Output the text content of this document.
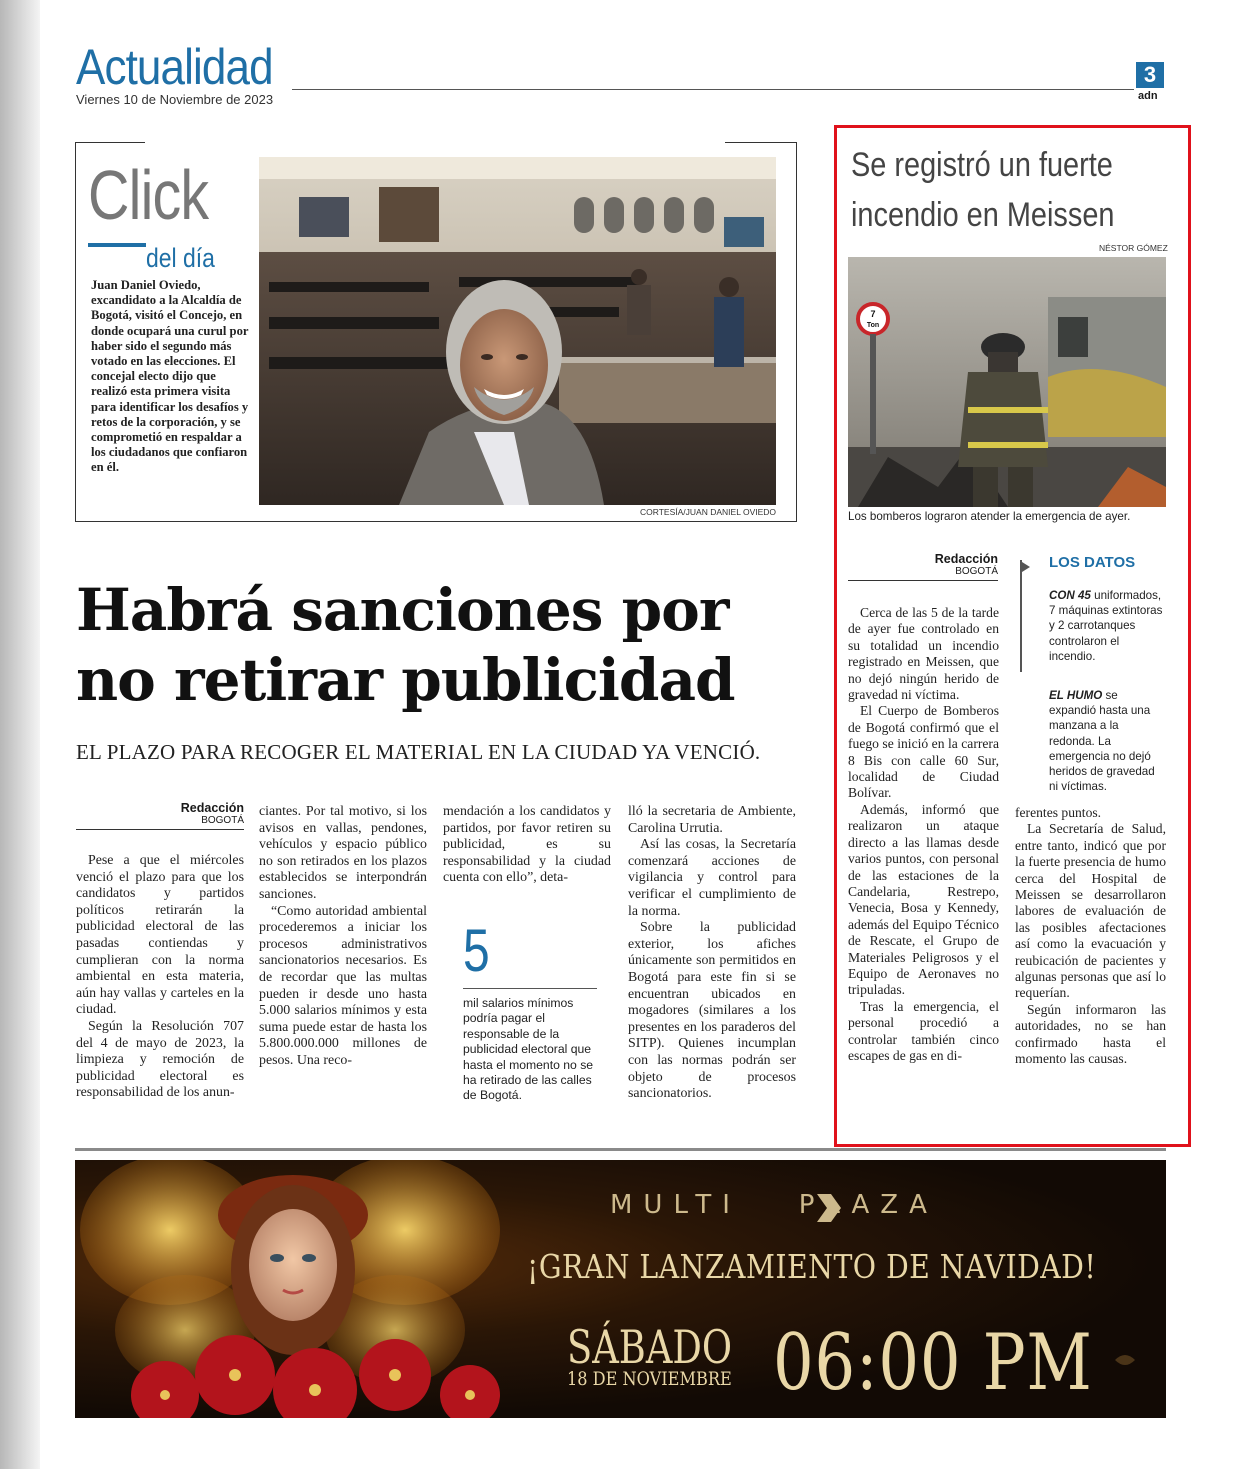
Actualidad
Viernes 10 de Noviembre de 2023
3
adn
Click
del día
Juan Daniel Oviedo, excandidato a la Alcaldía de Bogotá, visitó el Concejo, en donde ocupará una curul por haber sido el segundo más votado en las elecciones. El concejal electo dijo que realizó esta primera visita para identificar los desafíos y retos de la corporación, y se comprometió en respaldar a los ciudadanos que confiaron en él.
CORTESÍA/JUAN DANIEL OVIEDO
Habrá sanciones por no retirar publicidad
EL PLAZO PARA RECOGER EL MATERIAL EN LA CIUDAD YA VENCIÓ.
Redacción
BOGOTÁ

Pese a que el miércoles venció el plazo para que los candidatos y partidos políticos retirarán la publicidad electoral de las pasadas contiendas y cumplieran con la norma ambiental en esta materia, aún hay vallas y carteles en la ciudad.

Según la Resolución 707 del 4 de mayo de 2023, la limpieza y remoción de publicidad electoral es responsabilidad de los anun-

ciantes. Por tal motivo, si los avisos en vallas, pendones, vehículos y espacio público no son retirados en los plazos establecidos se interpondrán sanciones.

“Como autoridad ambiental procederemos a iniciar los procesos administrativos sancionatorios necesarios. Es de recordar que las multas pueden ir desde uno hasta 5.000 salarios mínimos y esta suma puede estar de hasta los 5.800.000.000 millones de pesos. Una reco-

mendación a los candidatos y partidos, por favor retiren su publicidad, es su responsabilidad y la ciudad cuenta con ello”, deta-

lló la secretaria de Ambiente, Carolina Urrutia.

Así las cosas, la Secretaría comenzará acciones de vigilancia y control para verificar el cumplimiento de la norma.

Sobre la publicidad exterior, los afiches únicamente son permitidos en Bogotá para este fin si se encuentran ubicados en mogadores (similares a los presentes en los paraderos del SITP). Quienes incumplan con las normas podrán ser objeto de procesos sancionatorios.

5
mil salarios mínimos podría pagar el responsable de la publicidad electoral que hasta el momento no se ha retirado de las calles de Bogotá.
Se registró un fuerte incendio en Meissen
NÉSTOR GÓMEZ
7
Ton
Los bomberos lograron atender la emergencia de ayer.
Redacción
BOGOTÁ
LOS DATOS
CON 45 uniformados, 7 máquinas extintoras y 2 carrotanques controlaron el incendio.
EL HUMO se expandió hasta una manzana a la redonda. La emergencia no dejó heridos de gravedad ni víctimas.

Cerca de las 5 de la tarde de ayer fue controlado en su totalidad un incendio registrado en Meissen, que no dejó ningún herido de gravedad ni víctima.

El Cuerpo de Bomberos de Bogotá confirmó que el fuego se inició en la carrera 8 Bis con calle 60 Sur, localidad de Ciudad Bolívar.

Además, informó que realizaron un ataque directo a las llamas desde varios puntos, con personal de las estaciones de la Candelaria, Restrepo, Venecia, Bosa y Kennedy, además del Equipo Técnico de Rescate, el Grupo de Materiales Peligrosos y el Equipo de Aeronaves no tripuladas.

Tras la emergencia, el personal procedió a controlar también cinco escapes de gas en di-

ferentes puntos.

La Secretaría de Salud, entre tanto, indicó que por la fuerte presencia de humo cerca del Hospital de Meissen se desarrollaron labores de evaluación de las posibles afectaciones así como la evacuación y reubicación de pacientes y algunas personas que así lo requerían.

Según informaron las autoridades, no se han confirmado hasta el momento las causas.

MULTI PLAZA
¡GRAN LANZAMIENTO DE NAVIDAD!
SÁBADO
18 DE NOVIEMBRE 06:00 PM
